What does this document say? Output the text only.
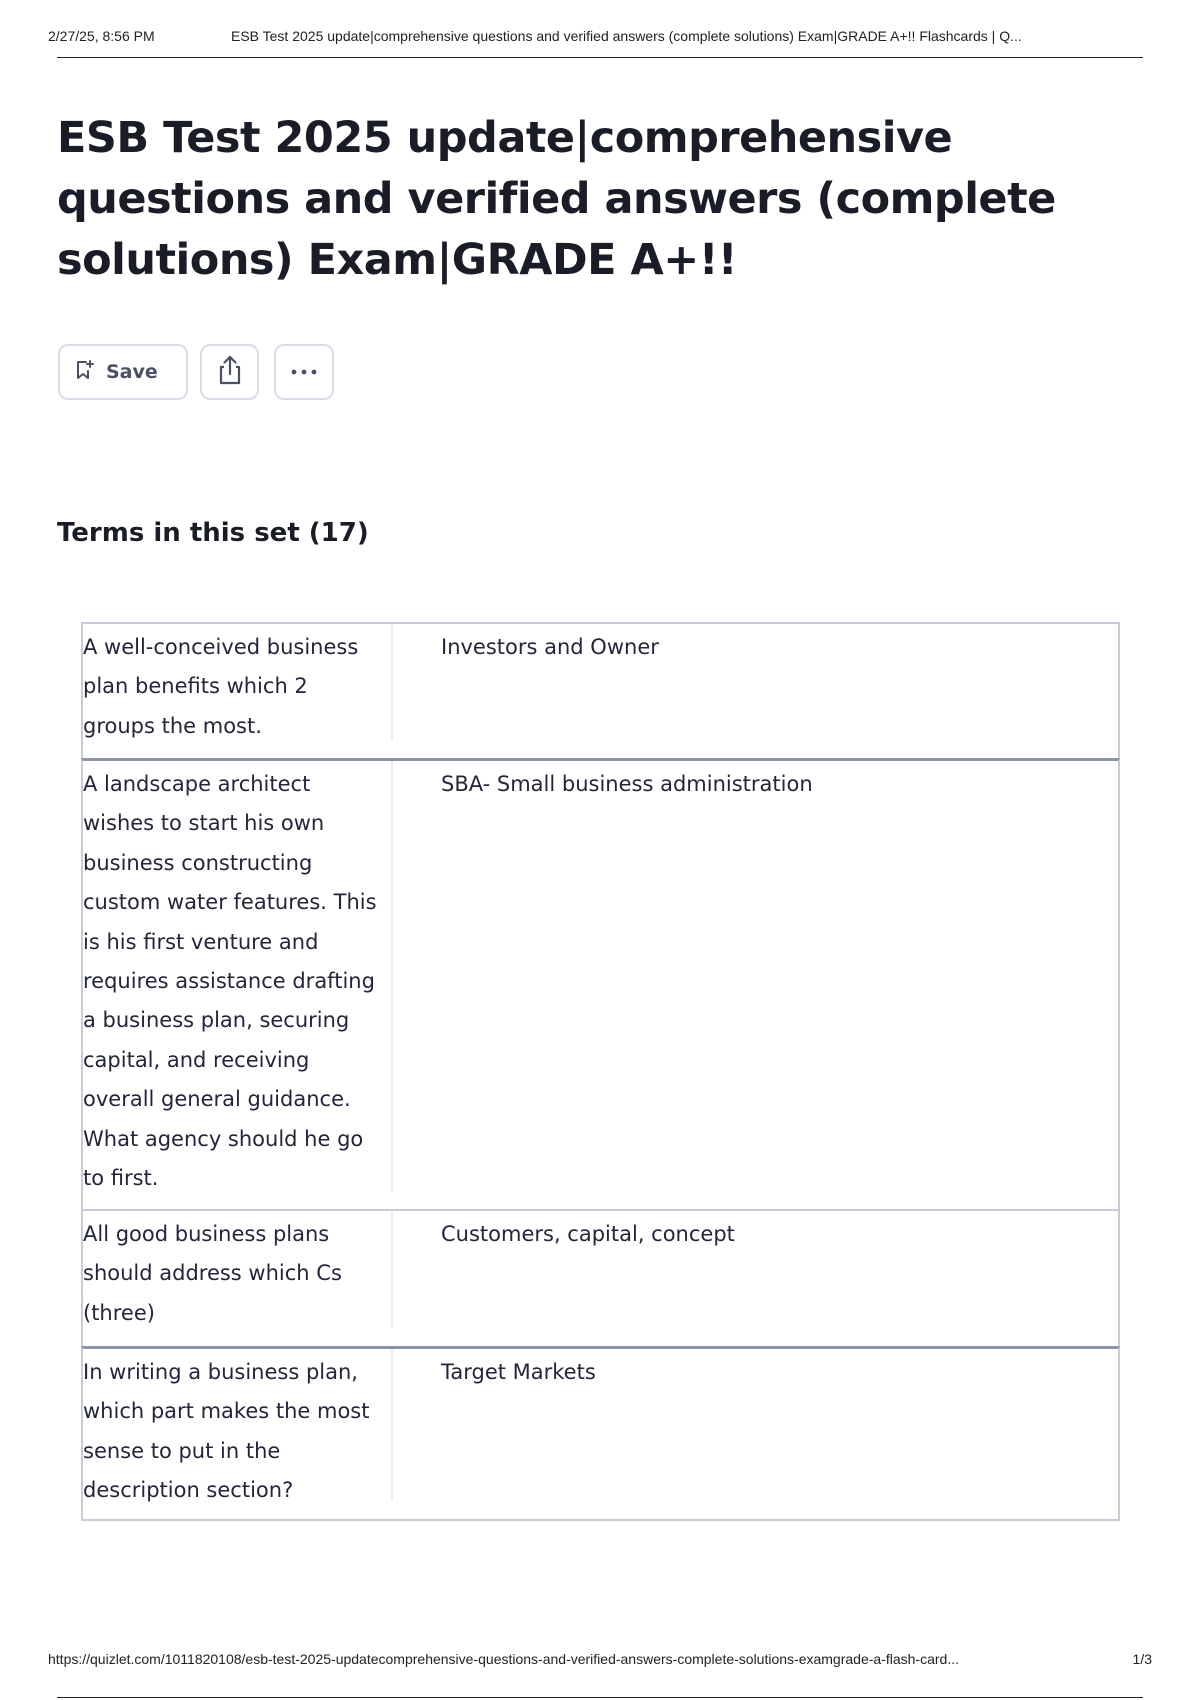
2/27/25, 8:56 PM	ESB Test 2025 update|comprehensive questions and verified answers (complete solutions) Exam|GRADE A+!! Flashcards | Q...
ESB Test 2025 update|comprehensive questions and verified answers (complete solutions) Exam|GRADE A+!!
Save
Terms in this set (17)
A well-conceived business plan benefits which 2 groups the most.
Investors and Owner
A landscape architect wishes to start his own business constructing custom water features. This is his first venture and requires assistance drafting a business plan, securing capital, and receiving overall general guidance. What agency should he go to first.
SBA- Small business administration
All good business plans should address which Cs (three)
Customers, capital, concept
In writing a business plan, which part makes the most sense to put in the description section?
Target Markets
https://quizlet.com/1011820108/esb-test-2025-updatecomprehensive-questions-and-verified-answers-complete-solutions-examgrade-a-flash-card...	1/3
